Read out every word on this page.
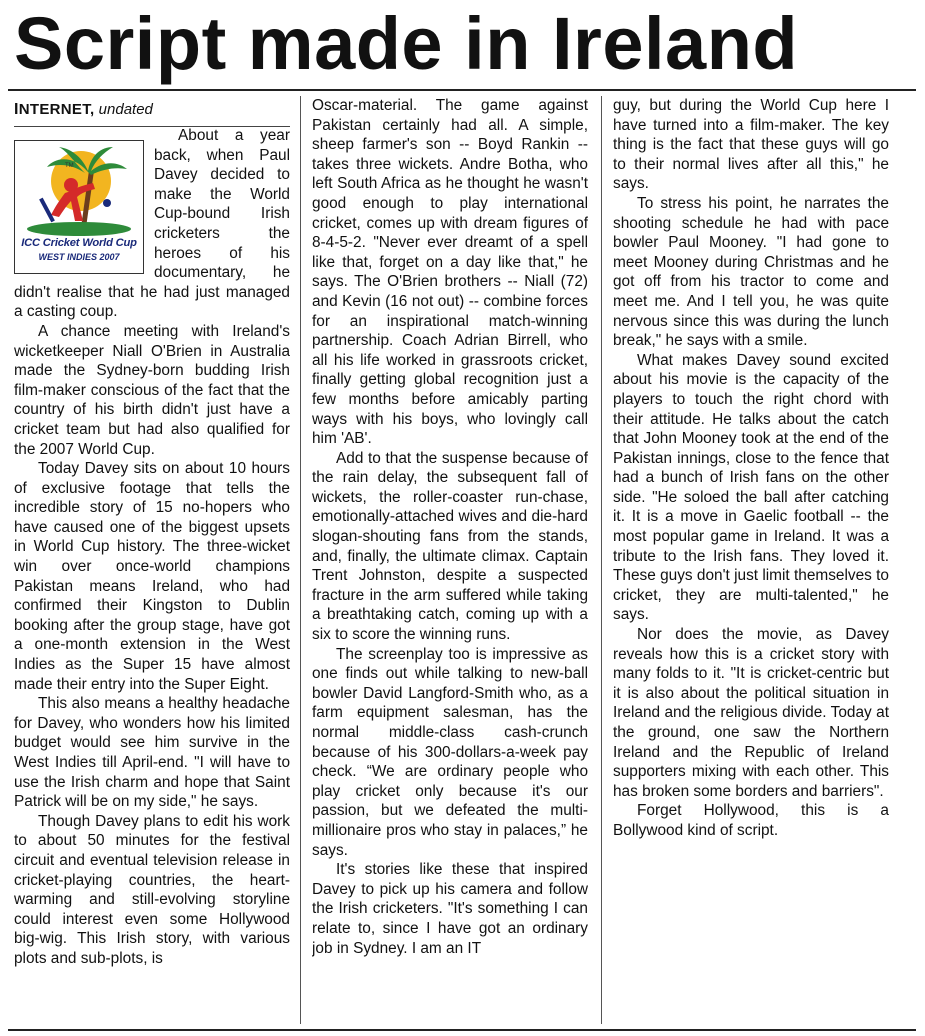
Script made in Ireland
INTERNET, undated
TM
ICC Cricket World Cup
WEST INDIES 2007

About a year back, when Paul Davey decided to make the World Cup-bound Irish cricketers the heroes of his documentary, he didn't realise that he had just managed a casting coup.

A chance meeting with Ireland's wicketkeeper Niall O'Brien in Australia made the Sydney-born budding Irish film-maker conscious of the fact that the country of his birth didn't just have a cricket team but had also qualified for the 2007 World Cup.

Today Davey sits on about 10 hours of exclusive footage that tells the incredible story of 15 no-hopers who have caused one of the biggest upsets in World Cup history. The three-wicket win over once-world champions Pakistan means Ireland, who had confirmed their Kingston to Dublin booking after the group stage, have got a one-month extension in the West Indies as the Super 15 have almost made their entry into the Super Eight.

This also means a healthy headache for Davey, who wonders how his limited budget would see him survive in the West Indies till April-end. "I will have to use the Irish charm and hope that Saint Patrick will be on my side," he says.

Though Davey plans to edit his work to about 50 minutes for the festival circuit and eventual television release in cricket-playing countries, the heart-warming and still-evolving storyline could interest even some Hollywood big-wig. This Irish story, with various plots and sub-plots, is

Oscar-material. The game against Pakistan certainly had all. A simple, sheep farmer's son -- Boyd Rankin -- takes three wickets. Andre Botha, who left South Africa as he thought he wasn't good enough to play international cricket, comes up with dream figures of 8-4-5-2. "Never ever dreamt of a spell like that, forget on a day like that," he says. The O'Brien brothers -- Niall (72) and Kevin (16 not out) -- combine forces for an inspirational match-winning partnership. Coach Adrian Birrell, who all his life worked in grassroots cricket, finally getting global recognition just a few months before amicably parting ways with his boys, who lovingly call him 'AB'.

Add to that the suspense because of the rain delay, the subsequent fall of wickets, the roller-coaster run-chase, emotionally-attached wives and die-hard slogan-shouting fans from the stands, and, finally, the ultimate climax. Captain Trent Johnston, despite a suspected fracture in the arm suffered while taking a breathtaking catch, coming up with a six to score the winning runs.

The screenplay too is impressive as one finds out while talking to new-ball bowler David Langford-Smith who, as a farm equipment salesman, has the normal middle-class cash-crunch because of his 300-dollars-a-week pay check. “We are ordinary people who play cricket only because it's our passion, but we defeated the multi-millionaire pros who stay in palaces,” he says.

It's stories like these that inspired Davey to pick up his camera and follow the Irish cricketers. "It's something I can relate to, since I have got an ordinary job in Sydney. I am an IT

guy, but during the World Cup here I have turned into a film-maker. The key thing is the fact that these guys will go to their normal lives after all this," he says.

To stress his point, he narrates the shooting schedule he had with pace bowler Paul Mooney. "I had gone to meet Mooney during Christmas and he got off from his tractor to come and meet me. And I tell you, he was quite nervous since this was during the lunch break," he says with a smile.

What makes Davey sound excited about his movie is the capacity of the players to touch the right chord with their attitude. He talks about the catch that John Mooney took at the end of the Pakistan innings, close to the fence that had a bunch of Irish fans on the other side. "He soloed the ball after catching it. It is a move in Gaelic football -- the most popular game in Ireland. It was a tribute to the Irish fans. They loved it. These guys don't just limit themselves to cricket, they are multi-talented," he says.

Nor does the movie, as Davey reveals how this is a cricket story with many folds to it. "It is cricket-centric but it is also about the political situation in Ireland and the religious divide. Today at the ground, one saw the Northern Ireland and the Republic of Ireland supporters mixing with each other. This has broken some borders and barriers".

Forget Hollywood, this is a Bollywood kind of script.
